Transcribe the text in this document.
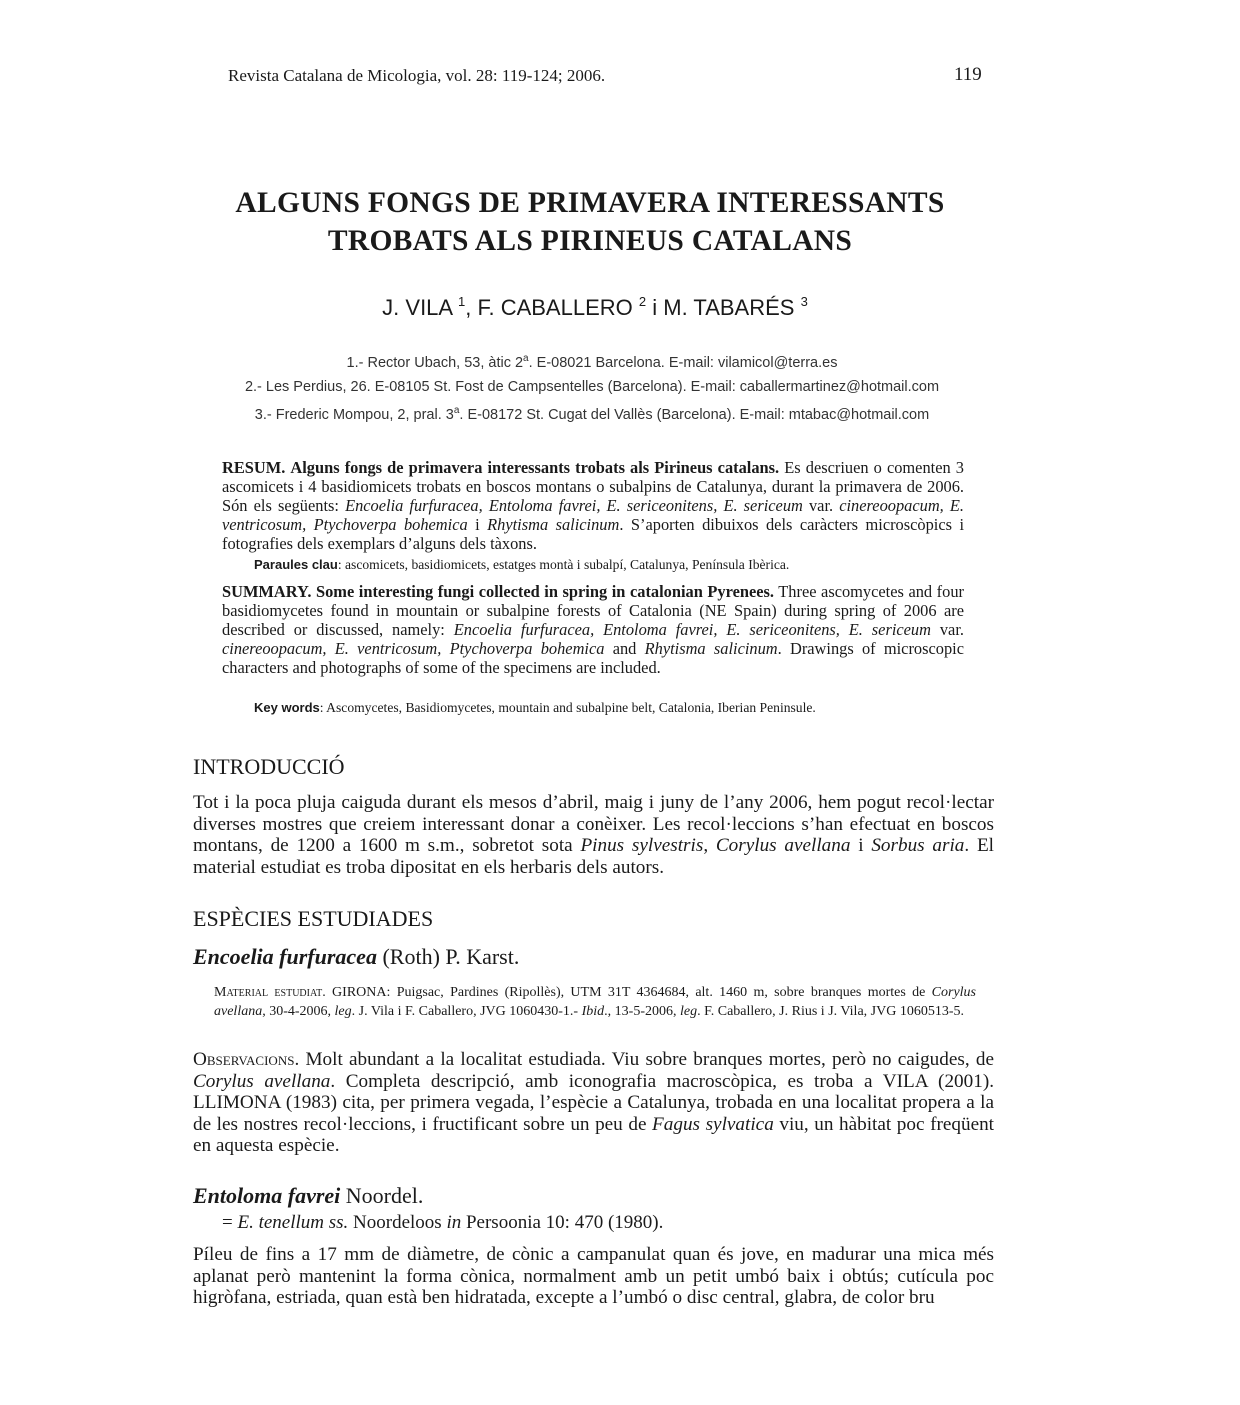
Revista Catalana de Micologia, vol. 28: 119-124; 2006.	119
ALGUNS FONGS DE PRIMAVERA INTERESSANTS
TROBATS ALS PIRINEUS CATALANS
J. VILA $^1$, F. CABALLERO $^2$ i M. TABARÉS $^3$
1.- Rector Ubach, 53, àtic 2$^a$. E-08021 Barcelona. E-mail: vilamicol@terra.es
2.- Les Perdius, 26. E-08105 St. Fost de Campsentelles (Barcelona). E-mail: caballermartinez@hotmail.com
3.- Frederic Mompou, 2, pral. 3$^a$. E-08172 St. Cugat del Vallès (Barcelona). E-mail: mtabac@hotmail.com
RESUM. Alguns fongs de primavera interessants trobats als Pirineus catalans. Es descriuen o comenten 3 ascomicets i 4 basidiomicets trobats en boscos montans o subalpins de Catalunya, durant la primavera de 2006. Són els següents: Encoelia furfuracea, Entoloma favrei, E. sericeonitens, E. sericeum var. cinereoopacum, E. ventricosum, Ptychoverpa bohemica i Rhytisma salicinum. S’aporten dibuixos dels caràcters microscòpics i fotografies dels exemplars d’alguns dels tàxons.
Paraules clau: ascomicets, basidiomicets, estatges montà i subalpí, Catalunya, Península Ibèrica.
SUMMARY. Some interesting fungi collected in spring in catalonian Pyrenees. Three ascomycetes and four basidiomycetes found in mountain or subalpine forests of Catalonia (NE Spain) during spring of 2006 are described or discussed, namely: Encoelia furfuracea, Entoloma favrei, E. sericeonitens, E. sericeum var. cinereoopacum, E. ventricosum, Ptychoverpa bohemica and Rhytisma salicinum. Drawings of microscopic characters and photographs of some of the specimens are included.
Key words: Ascomycetes, Basidiomycetes, mountain and subalpine belt, Catalonia, Iberian Peninsule.
INTRODUCCIÓ
Tot i la poca pluja caiguda durant els mesos d’abril, maig i juny de l’any 2006, hem pogut recol·lectar diverses mostres que creiem interessant donar a conèixer. Les recol·leccions s’han efectuat en boscos montans, de 1200 a 1600 m s.m., sobretot sota Pinus sylvestris, Corylus avellana i Sorbus aria. El material estudiat es troba dipositat en els herbaris dels autors.
ESPÈCIES ESTUDIADES
Encoelia furfuracea (Roth) P. Karst.
Material estudiat. GIRONA: Puigsac, Pardines (Ripollès), UTM 31T 4364684, alt. 1460 m, sobre branques mortes de Corylus avellana, 30-4-2006, leg. J. Vila i F. Caballero, JVG 1060430-1.- Ibid., 13-5-2006, leg. F. Caballero, J. Rius i J. Vila, JVG 1060513-5.
Observacions. Molt abundant a la localitat estudiada. Viu sobre branques mortes, però no caigudes, de Corylus avellana. Completa descripció, amb iconografia macroscòpica, es troba a VILA (2001). LLIMONA (1983) cita, per primera vegada, l’espècie a Catalunya, trobada en una localitat propera a la de les nostres recol·leccions, i fructificant sobre un peu de Fagus sylvatica viu, un hàbitat poc freqüent en aquesta espècie.
Entoloma favrei Noordel.
= E. tenellum ss. Noordeloos in Persoonia 10: 470 (1980).
Píleu de fins a 17 mm de diàmetre, de cònic a campanulat quan és jove, en madurar una mica més aplanat però mantenint la forma cònica, normalment amb un petit umbó baix i obtús; cutícula poc higròfana, estriada, quan està ben hidratada, excepte a l’umbó o disc central, glabra, de color bru
